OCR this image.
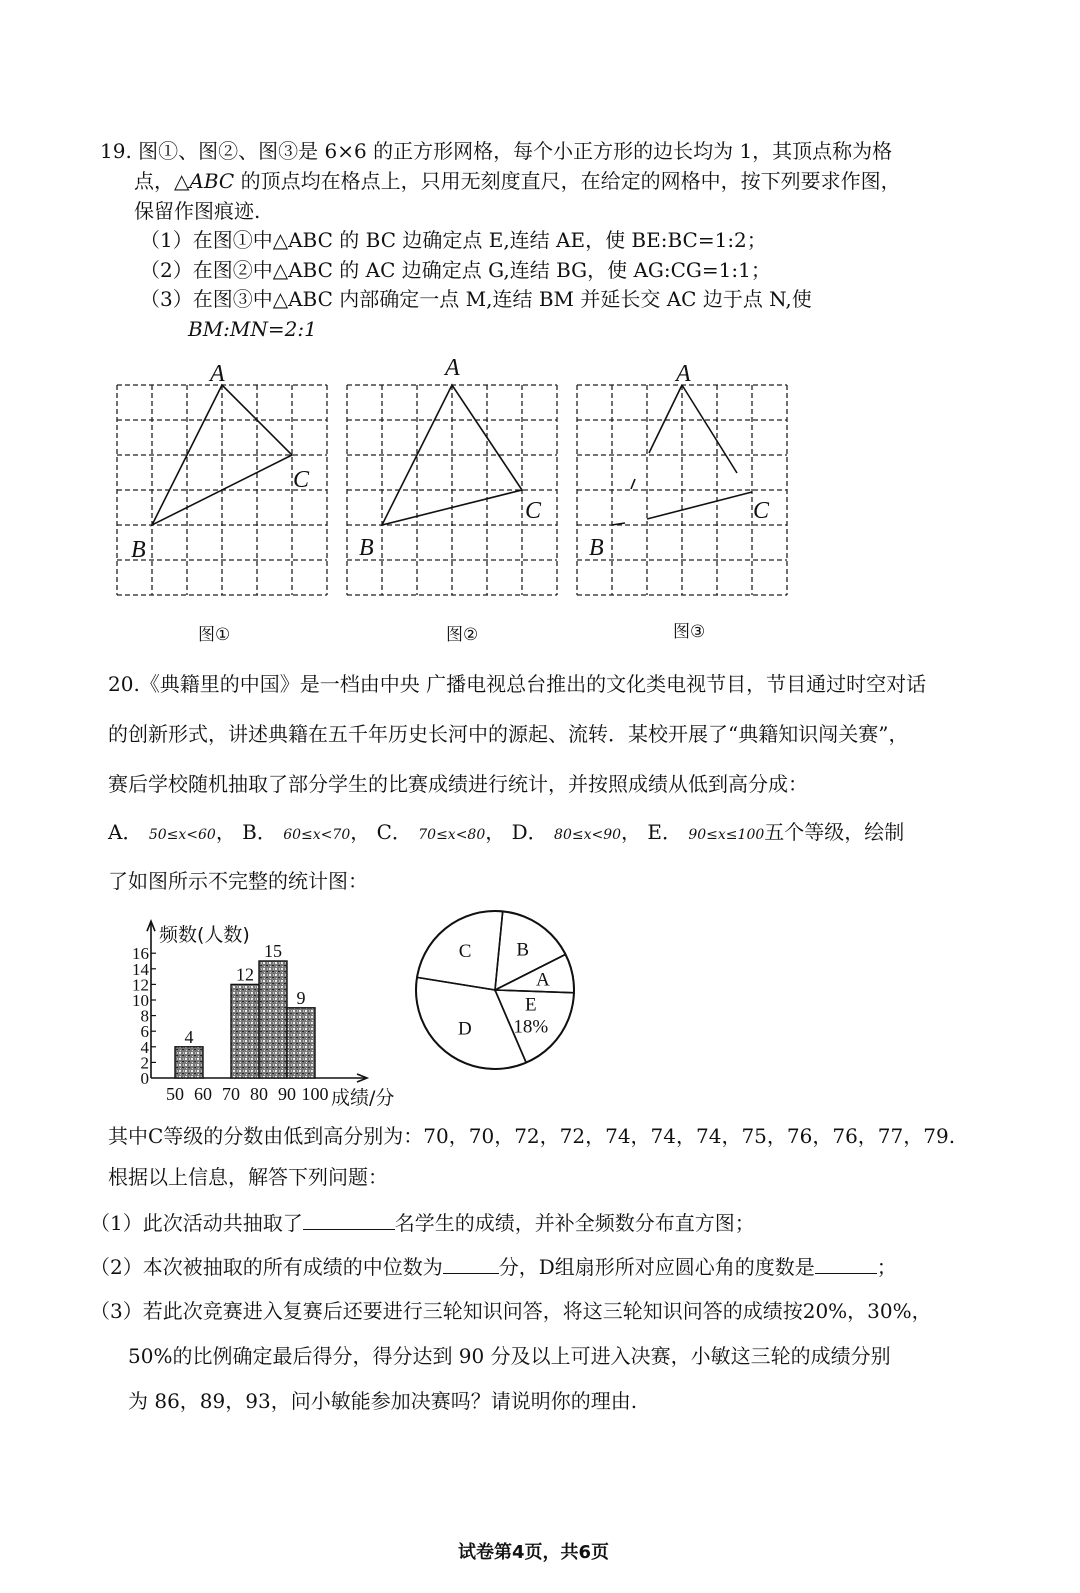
19. 图①、图②、图③是 6×6 的正方形网格，每个小正方形的边长均为 1，其顶点称为格
点，△ABC 的顶点均在格点上，只用无刻度直尺，在给定的网格中，按下列要求作图，
保留作图痕迹.
（1）在图①中△ABC 的 BC 边确定点 E,连结 AE，使 BE:BC=1:2；
（2）在图②中△ABC 的 AC 边确定点 G,连结 BG，使 AG:CG=1:1；
（3）在图③中△ABC 内部确定一点 M,连结 BM 并延长交 AC 边于点 N,使
BM:MN=2:1
A
B
C
图①
A
B
C
图②
A
B
C
图③
20.《典籍里的中国》是一档由中央 广播电视总台推出的文化类电视节目，节目通过时空对话
的创新形式，讲述典籍在五千年历史长河中的源起、流转．某校开展了“典籍知识闯关赛”，
赛后学校随机抽取了部分学生的比赛成绩进行统计，并按照成绩从低到高分成：
A． 50≤x<60， B． 60≤x<70， C． 70≤x<80， D． 80≤x<90， E． 90≤x≤100五个等级，绘制
了如图所示不完整的统计图：
0
2
4
6
8
10
12
14
16
4
12
15
9
50 60 70 80 90 100
频数(人数)
成绩/分
E
18%
D
C B
A
其中C等级的分数由低到高分别为：70，70，72，72，74，74，74，75，76，76，77，79.
根据以上信息，解答下列问题：
（1）此次活动共抽取了	名学生的成绩，并补全频数分布直方图；
（2）本次被抽取的所有成绩的中位数为	分，D组扇形所对应圆心角的度数是	；
（3）若此次竞赛进入复赛后还要进行三轮知识问答，将这三轮知识问答的成绩按20%，30%，
50%的比例确定最后得分，得分达到 90 分及以上可进入决赛，小敏这三轮的成绩分别
为 86，89，93，问小敏能参加决赛吗？请说明你的理由.
试卷第4页，共6页
